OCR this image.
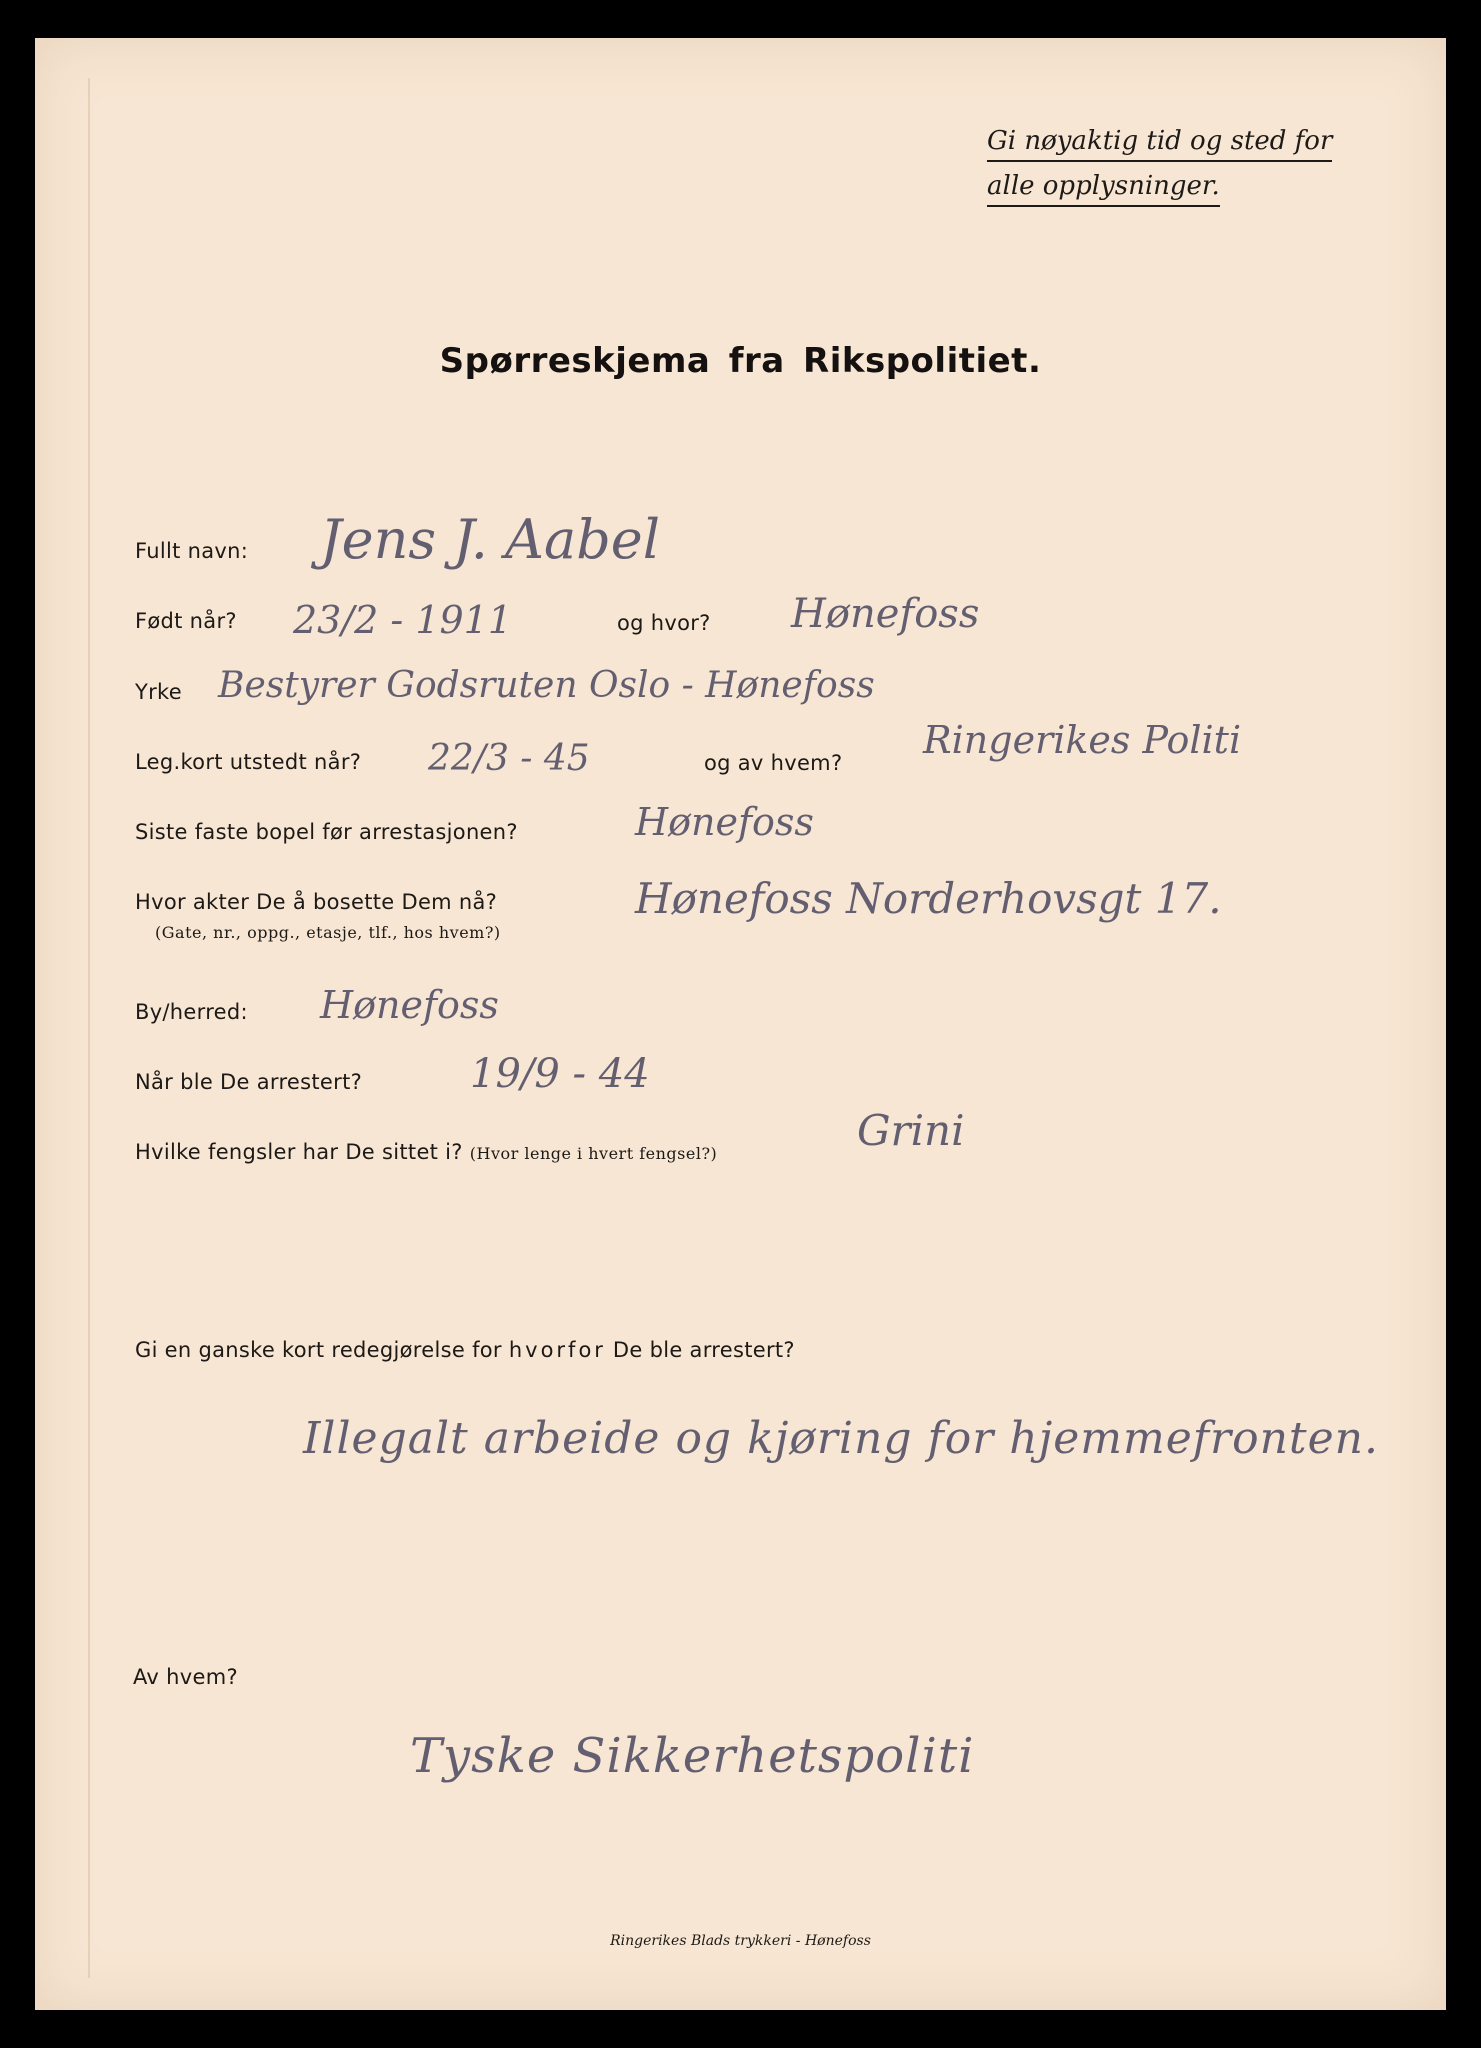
Gi nøyaktig tid og sted for
alle opplysninger.
Spørreskjema fra Rikspolitiet.
Fullt navn: Jens J. Aabel
Født når? 23/2 - 1911	og hvor? Hønefoss
Yrke Bestyrer Godsruten Oslo - Hønefoss
Leg.kort utstedt når? 22/3 - 45	og av hvem?
Ringerikes Politi
Siste faste bopel før arrestasjonen?	Hønefoss
Hvor akter De å bosette Dem nå?
(Gate, nr., oppg., etasje, tlf., hos hvem?)
Hønefoss Norderhovsgt 17.
By/herred: Hønefoss
Når ble De arrestert?	19/9 - 44
Hvilke fengsler har De sittet i? (Hvor lenge i hvert fengsel?)	Grini
Gi en ganske kort redegjørelse for hvorfor De ble arrestert?
Illegalt arbeide og kjøring for hjemmefronten.
Av hvem?
Tyske Sikkerhetspoliti
Ringerikes Blads trykkeri - Hønefoss
